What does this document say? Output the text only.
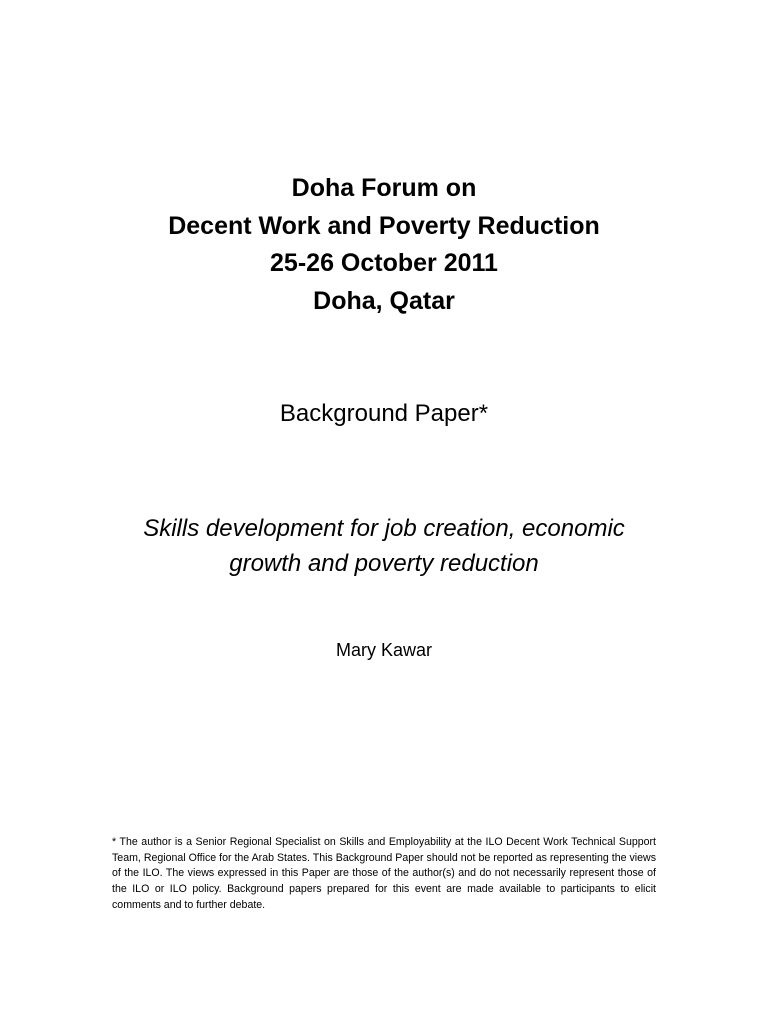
Doha Forum on
Decent Work and Poverty Reduction
25-26 October 2011
Doha, Qatar
Background Paper*
Skills development for job creation, economic
growth and poverty reduction
Mary Kawar
* The author is a Senior Regional Specialist on Skills and Employability at the ILO Decent Work Technical Support Team, Regional Office for the Arab States. This Background Paper should not be reported as representing the views of the ILO. The views expressed in this Paper are those of the author(s) and do not necessarily represent those of the ILO or ILO policy. Background papers prepared for this event are made available to participants to elicit comments and to further debate.
